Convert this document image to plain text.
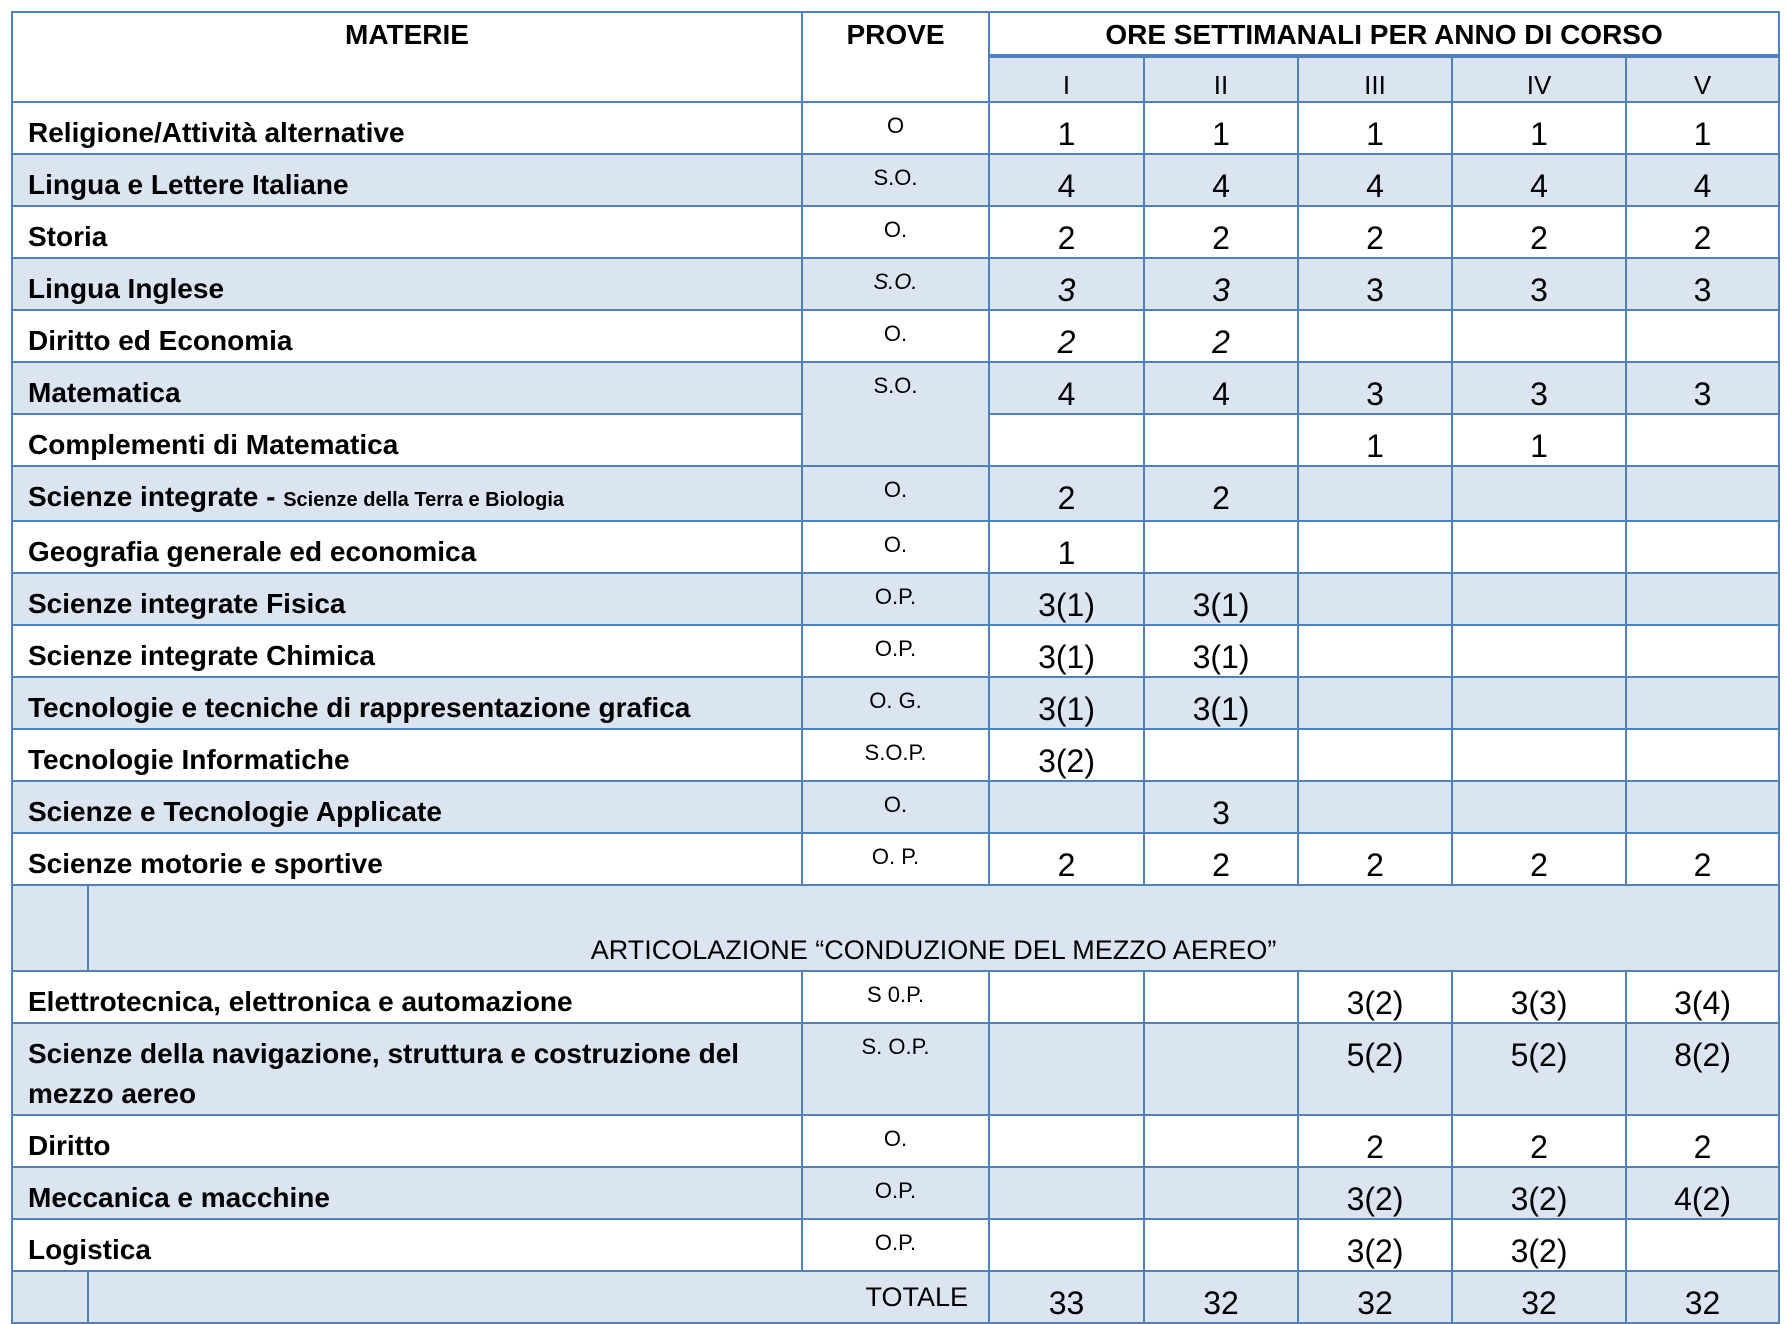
MATERIE		PROVE	ORE SETTIMANALI PER ANNO DI CORSO				
			I	II	III	IV	V
Religione/Attività alternative		O	1	1	1	1	1
Lingua e Lettere Italiane		S.O.	4	4	4	4	4
Storia		O.	2	2	2	2	2
Lingua Inglese		S.O.	3	3	3	3	3
Diritto ed Economia		O.	2	2			
Matematica		S.O.	4	4	3	3	3
Complementi di Matematica					1	1	
Scienze integrate - Scienze della Terra e Biologia		O.	2	2			
Geografia generale ed economica		O.	1				
Scienze integrate Fisica		O.P.	3(1)	3(1)			
Scienze integrate Chimica		O.P.	3(1)	3(1)			
Tecnologie e tecniche di rappresentazione grafica		O. G.	3(1)	3(1)			
Tecnologie Informatiche		S.O.P.	3(2)				
Scienze e Tecnologie Applicate		O.		3			
Scienze motorie e sportive		O. P.	2	2	2	2	2
	ARTICOLAZIONE “CONDUZIONE DEL MEZZO AEREO”						
Elettrotecnica, elettronica e automazione		S 0.P.			3(2)	3(3)	3(4)
Scienze della navigazione, struttura e costruzione del mezzo aereo		S. O.P.			5(2)	5(2)	8(2)
Diritto		O.			2	2	2
Meccanica e macchine		O.P.			3(2)	3(2)	4(2)
Logistica		O.P.			3(2)	3(2)	
	TOTALE		33	32	32	32	32
